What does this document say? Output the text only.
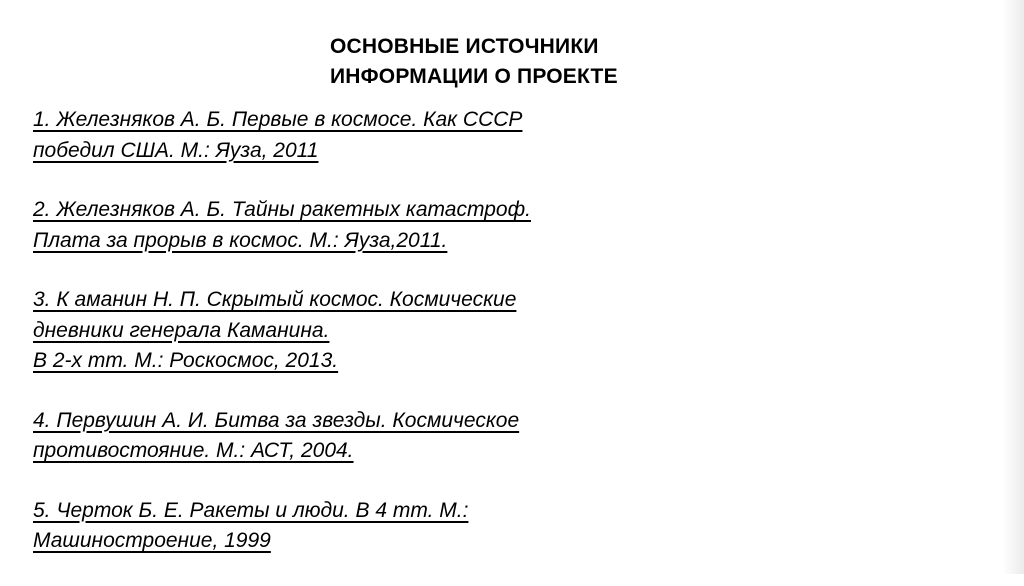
ОСНОВНЫЕ ИСТОЧНИКИ
ИНФОРМАЦИИ О ПРОЕКТЕ
1. Железняков А. Б. Первые в космосе. Как СССР
победил США. М.: Яуза, 2011
2. Железняков А. Б. Тайны ракетных катастроф.
Плата за прорыв в космос. М.: Яуза,2011.
3. К аманин Н. П. Скрытый космос. Космические
дневники генерала Каманина.
В 2-х тт. М.: Роскосмос, 2013.
4. Первушин А. И. Битва за звезды. Космическое
противостояние. М.: АСТ, 2004.
5. Черток Б. Е. Ракеты и люди. В 4 тт. М.:
Машиностроение, 1999
